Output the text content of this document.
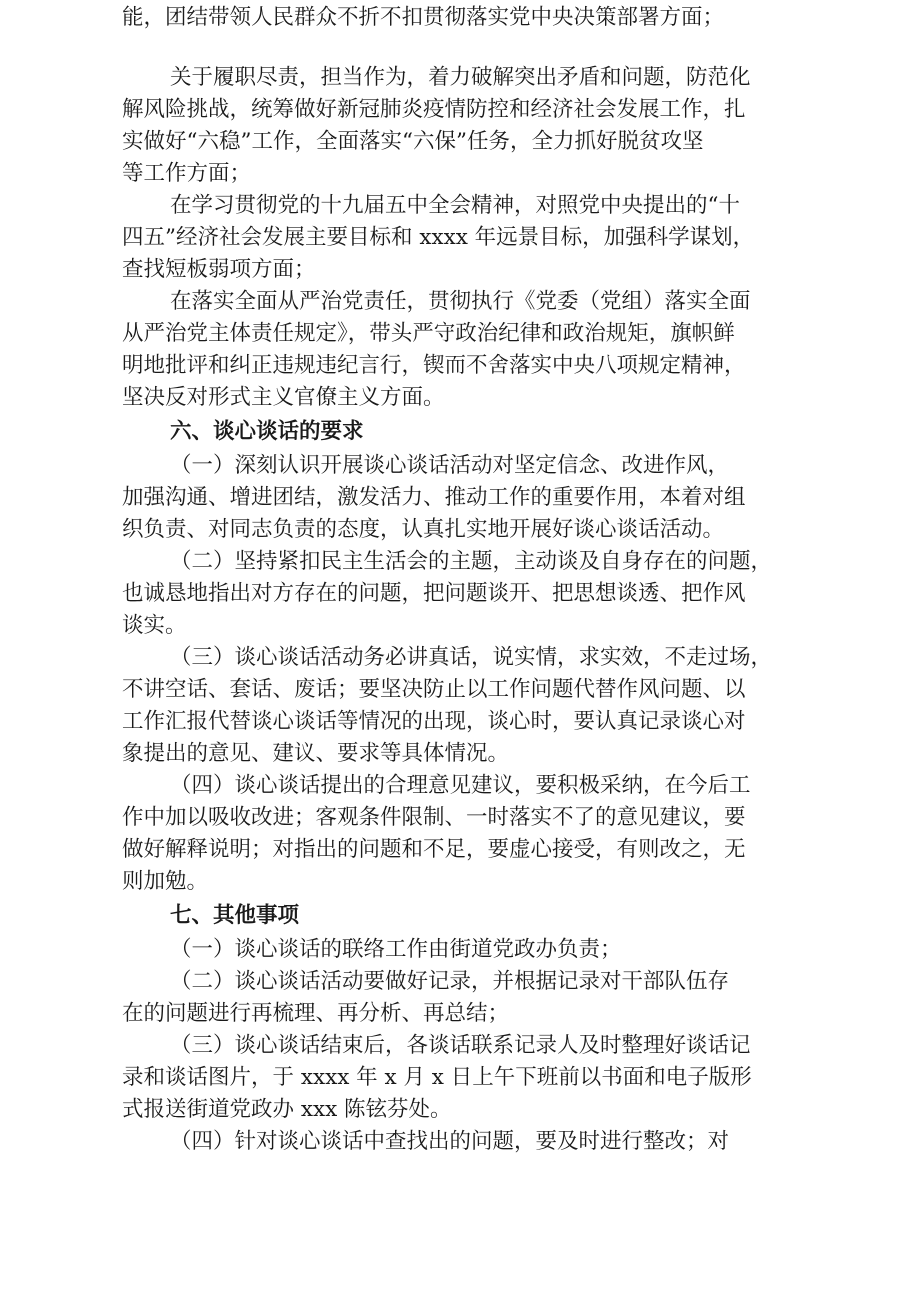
能，团结带领人民群众不折不扣贯彻落实党中央决策部署方面；
关于履职尽责，担当作为，着力破解突出矛盾和问题，防范化
解风险挑战，统筹做好新冠肺炎疫情防控和经济社会发展工作，扎
实做好“六稳”工作，全面落实“六保”任务，全力抓好脱贫攻坚
等工作方面；
在学习贯彻党的十九届五中全会精神，对照党中央提出的“十
四五”经济社会发展主要目标和 xxxx 年远景目标，加强科学谋划，
查找短板弱项方面；
在落实全面从严治党责任，贯彻执行《党委（党组）落实全面
从严治党主体责任规定》，带头严守政治纪律和政治规矩，旗帜鲜
明地批评和纠正违规违纪言行，锲而不舍落实中央八项规定精神，
坚决反对形式主义官僚主义方面。
六、谈心谈话的要求
（一）深刻认识开展谈心谈话活动对坚定信念、改进作风，
加强沟通、增进团结，激发活力、推动工作的重要作用，本着对组
织负责、对同志负责的态度，认真扎实地开展好谈心谈话活动。
（二）坚持紧扣民主生活会的主题，主动谈及自身存在的问题，
也诚恳地指出对方存在的问题，把问题谈开、把思想谈透、把作风
谈实。
（三）谈心谈话活动务必讲真话，说实情，求实效，不走过场，
不讲空话、套话、废话；要坚决防止以工作问题代替作风问题、以
工作汇报代替谈心谈话等情况的出现，谈心时，要认真记录谈心对
象提出的意见、建议、要求等具体情况。
（四）谈心谈话提出的合理意见建议，要积极采纳，在今后工
作中加以吸收改进；客观条件限制、一时落实不了的意见建议，要
做好解释说明；对指出的问题和不足，要虚心接受，有则改之，无
则加勉。
七、其他事项
（一）谈心谈话的联络工作由街道党政办负责；
（二）谈心谈话活动要做好记录，并根据记录对干部队伍存
在的问题进行再梳理、再分析、再总结；
（三）谈心谈话结束后，各谈话联系记录人及时整理好谈话记
录和谈话图片，于 xxxx 年 x 月 x 日上午下班前以书面和电子版形
式报送街道党政办 xxx 陈铉芬处。
（四）针对谈心谈话中查找出的问题，要及时进行整改；对
